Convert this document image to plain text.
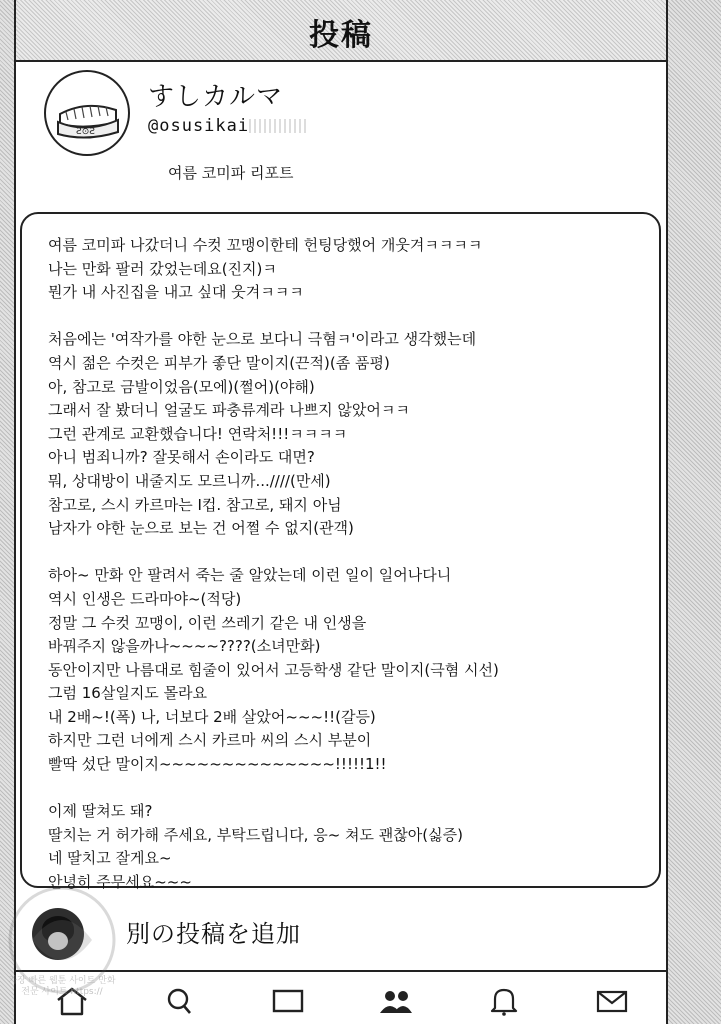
投稿
Ƨ⊙Ƨ
すしカルマ
@osusikai
여름 코미파 리포트
여름 코미파 나갔더니 수컷 꼬맹이한테 헌팅당했어 개웃겨ㅋㅋㅋㅋ
나는 만화 팔러 갔었는데요(진지)ㅋ
뭔가 내 사진집을 내고 싶대 웃겨ㅋㅋㅋ
처음에는 '여작가를 야한 눈으로 보다니 극혐ㅋ'이라고 생각했는데
역시 젊은 수컷은 피부가 좋단 말이지(끈적)(좀 품평)
아, 참고로 금발이었음(모에)(쩔어)(야해)
그래서 잘 봤더니 얼굴도 파충류계라 나쁘지 않았어ㅋㅋ
그런 관계로 교환했습니다! 연락처!!!ㅋㅋㅋㅋ
아니 범죄니까? 잘못해서 손이라도 대면?
뭐, 상대방이 내줄지도 모르니까...////(만세)
참고로, 스시 카르마는 I컵. 참고로, 돼지 아님
남자가 야한 눈으로 보는 건 어쩔 수 없지(관객)
하아~ 만화 안 팔려서 죽는 줄 알았는데 이런 일이 일어나다니
역시 인생은 드라마야~(적당)
정말 그 수컷 꼬맹이, 이런 쓰레기 같은 내 인생을
바꿔주지 않을까나~~~~????(소녀만화)
동안이지만 나름대로 힘줄이 있어서 고등학생 같단 말이지(극혐 시선)
그럼 16살일지도 몰라요
내 2배~!(폭) 나, 너보다 2배 살았어~~~!!(갈등)
하지만 그런 너에게 스시 카르마 씨의 스시 부분이
빨딱 섰단 말이지~~~~~~~~~~~~~~!!!!!1!!
이제 딸쳐도 돼?
딸치는 거 허가해 주세요, 부탁드립니다, 응~ 쳐도 괜찮아(싫증)
네 딸치고 잘게요~
안녕히 주무세요~~~
別の投稿を追加
가장 빠른 웹툰 사이트 만화 전문 사이트 https://
